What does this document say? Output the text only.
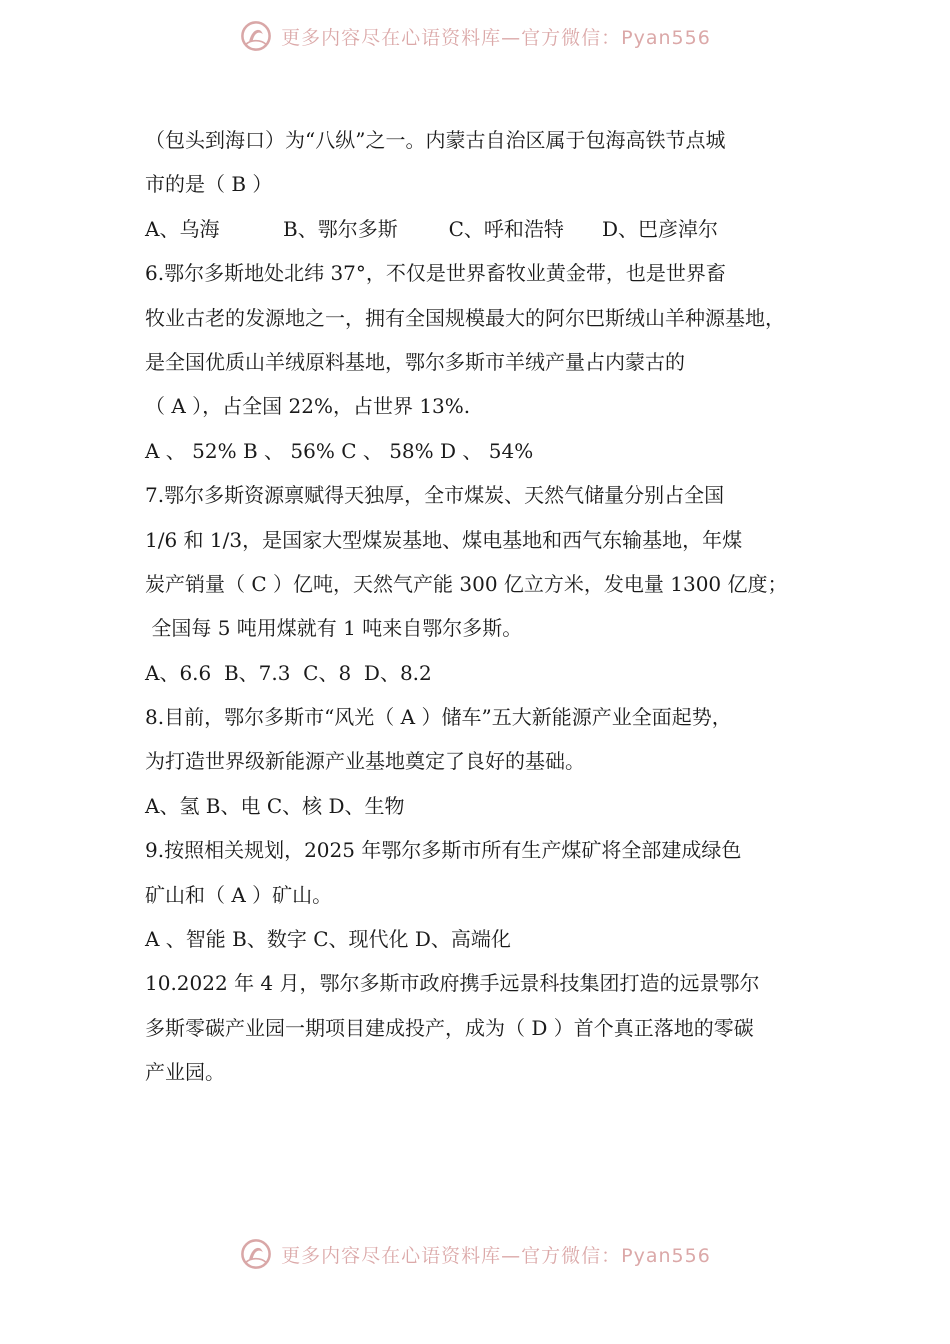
更多内容尽在心语资料库—官方微信：Pyan556
（包头到海口）为“八纵”之一。内蒙古自治区属于包海高铁节点城
市的是（ B ）
A、乌海          B、鄂尔多斯        C、呼和浩特      D、巴彦淖尔
6.鄂尔多斯地处北纬 37°，不仅是世界畜牧业黄金带，也是世界畜
牧业古老的发源地之一，拥有全国规模最大的阿尔巴斯绒山羊种源基地，
是全国优质山羊绒原料基地，鄂尔多斯市羊绒产量占内蒙古的
（ A ），占全国 22%，占世界 13%.
A 、 52% B 、 56% C 、 58% D 、 54%
7.鄂尔多斯资源禀赋得天独厚，全市煤炭、天然气储量分别占全国
1/6 和 1/3，是国家大型煤炭基地、煤电基地和西气东输基地，年煤
炭产销量（ C ）亿吨，天然气产能 300 亿立方米，发电量 1300 亿度；
全国每 5 吨用煤就有 1 吨来自鄂尔多斯。
A、6.6  B、7.3  C、8  D、8.2
8.目前，鄂尔多斯市“风光（ A ）储车”五大新能源产业全面起势，
为打造世界级新能源产业基地奠定了良好的基础。
A、氢 B、电 C、核 D、生物
9.按照相关规划，2025 年鄂尔多斯市所有生产煤矿将全部建成绿色
矿山和（ A ）矿山。
A 、智能 B、数字 C、现代化 D、高端化
10.2022 年 4 月，鄂尔多斯市政府携手远景科技集团打造的远景鄂尔
多斯零碳产业园一期项目建成投产，成为（ D ）首个真正落地的零碳
产业园。
更多内容尽在心语资料库—官方微信：Pyan556
